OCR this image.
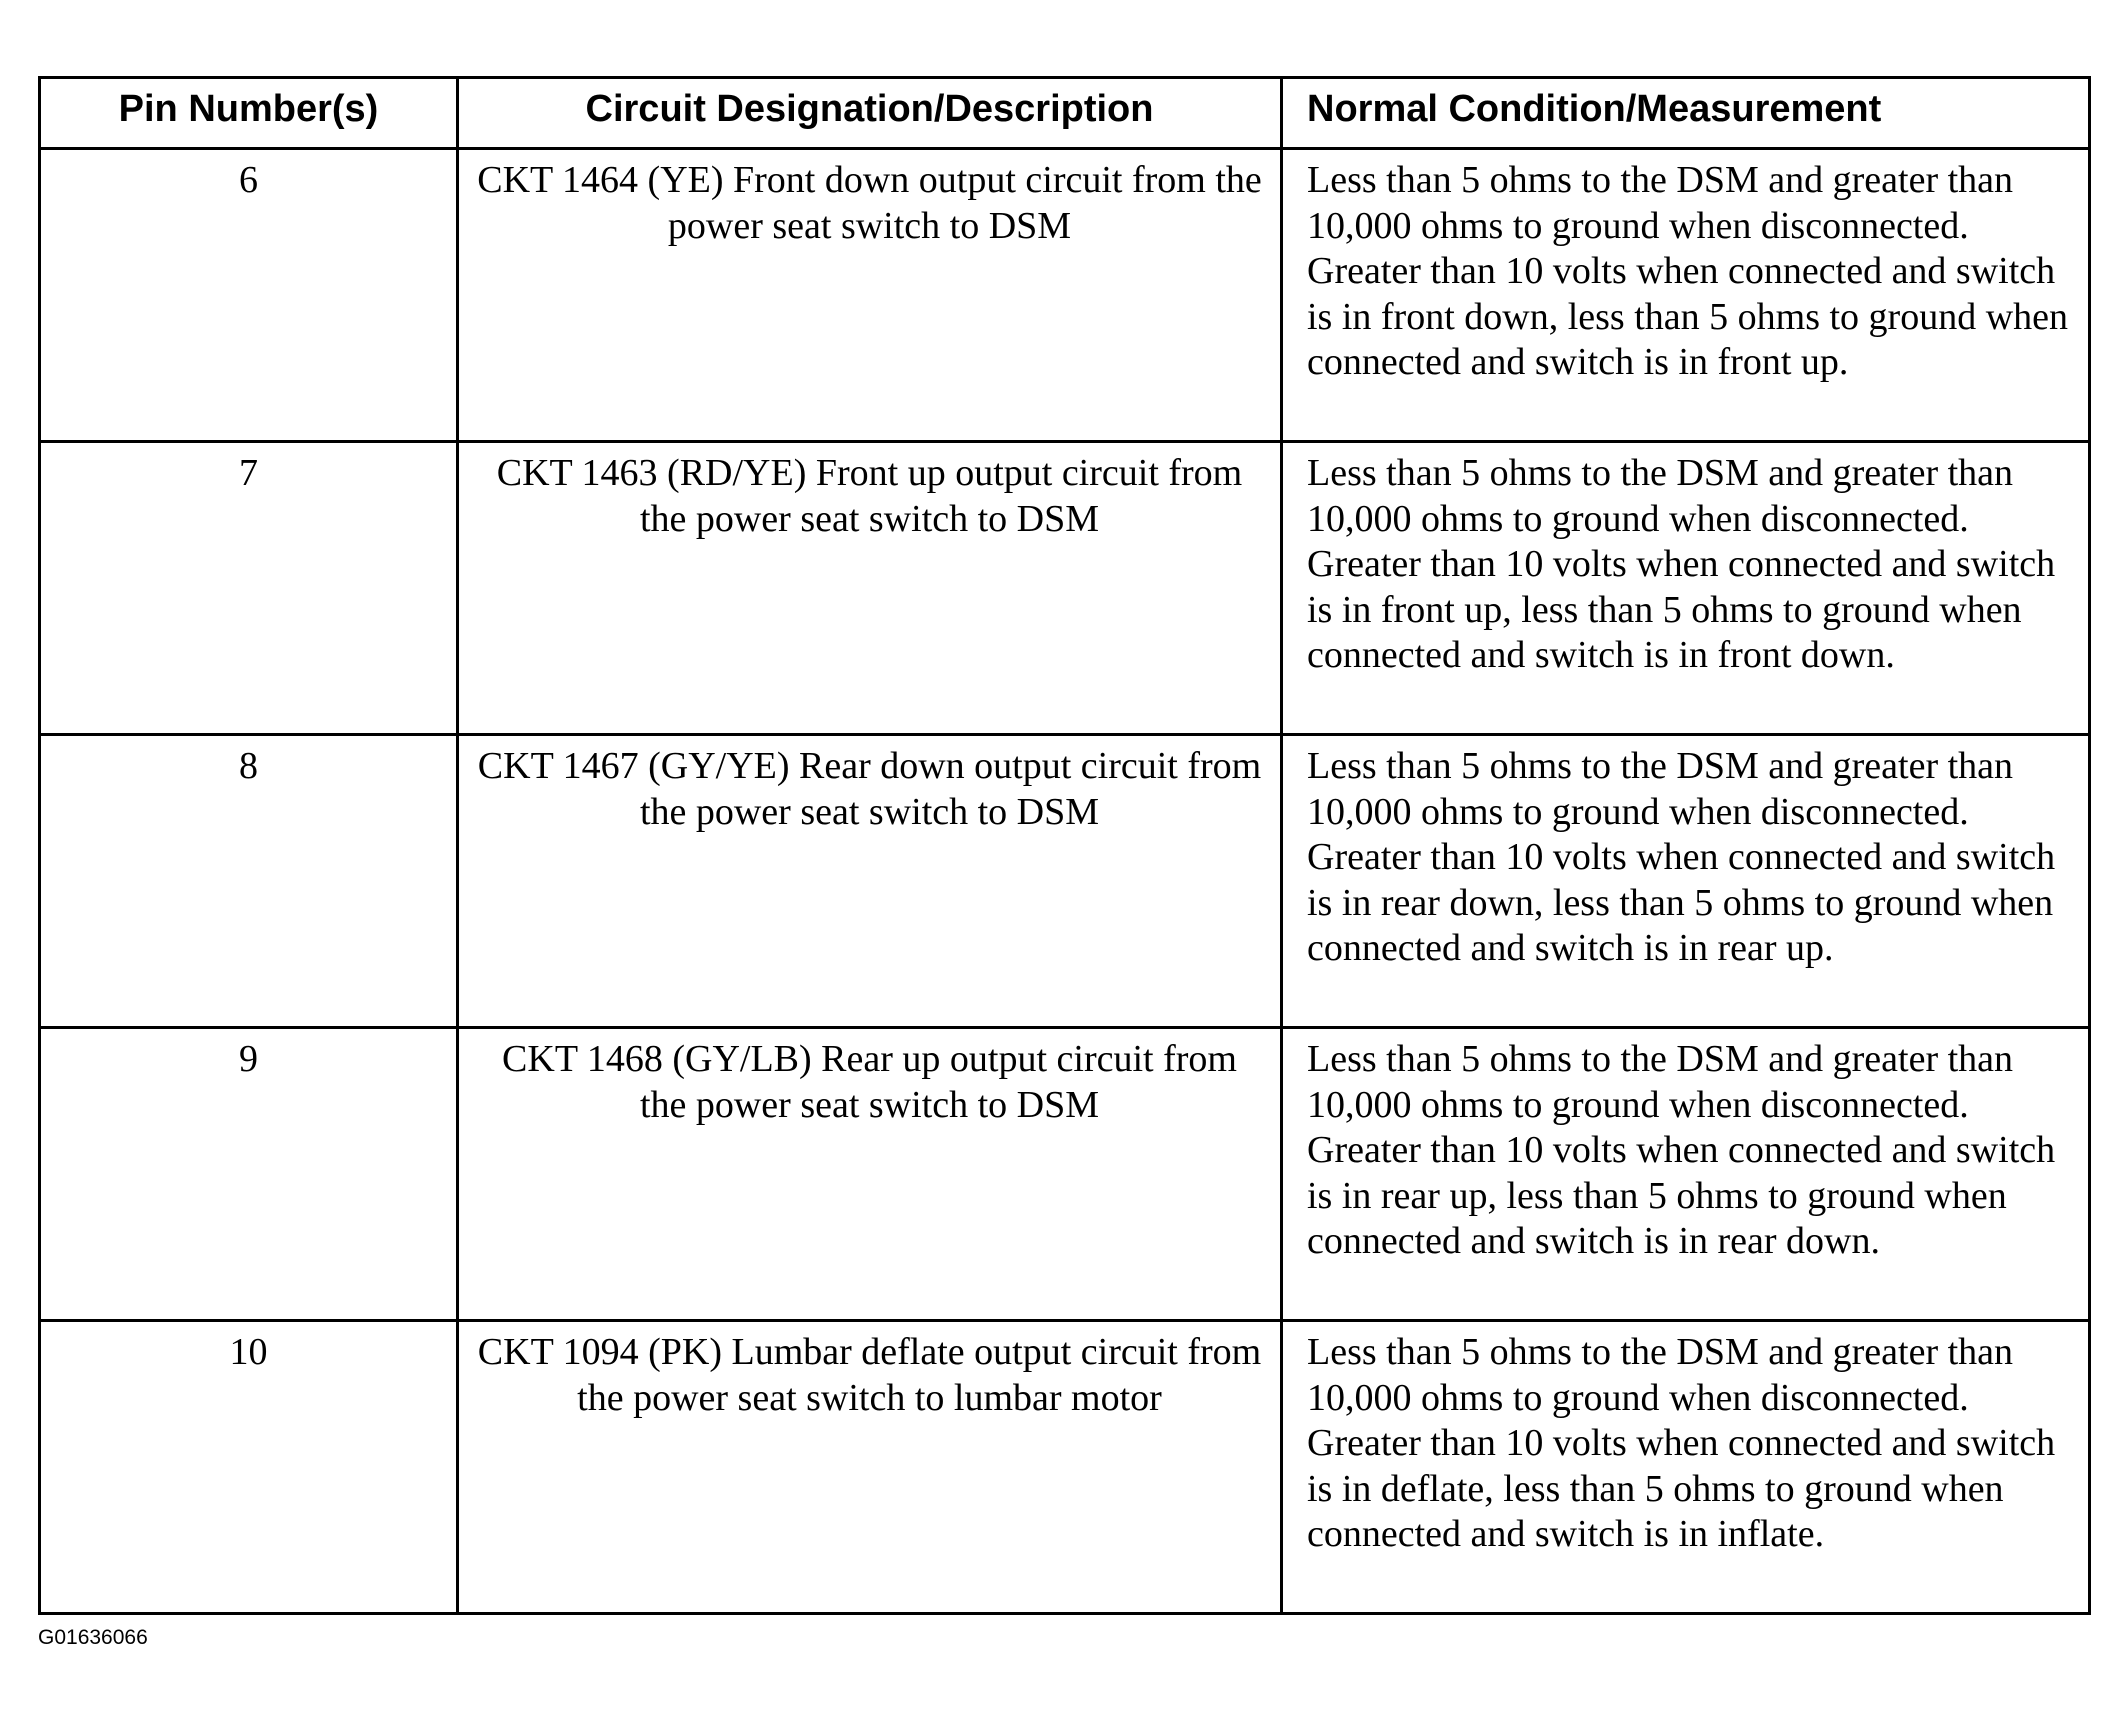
Pin Number(s)	Circuit Designation/Description	Normal Condition/Measurement
6	CKT 1464 (YE) Front down output circuit from the power seat switch to DSM	Less than 5 ohms to the DSM and greater than 10,000 ohms to ground when disconnected. Greater than 10 volts when connected and switch is in front down, less than 5 ohms to ground when connected and switch is in front up.
7	CKT 1463 (RD/YE) Front up output circuit from the power seat switch to DSM	Less than 5 ohms to the DSM and greater than 10,000 ohms to ground when disconnected. Greater than 10 volts when connected and switch is in front up, less than 5 ohms to ground when connected and switch is in front down.
8	CKT 1467 (GY/YE) Rear down output circuit from the power seat switch to DSM	Less than 5 ohms to the DSM and greater than 10,000 ohms to ground when disconnected. Greater than 10 volts when connected and switch is in rear down, less than 5 ohms to ground when connected and switch is in rear up.
9	CKT 1468 (GY/LB) Rear up output circuit from the power seat switch to DSM	Less than 5 ohms to the DSM and greater than 10,000 ohms to ground when disconnected. Greater than 10 volts when connected and switch is in rear up, less than 5 ohms to ground when connected and switch is in rear down.
10	CKT 1094 (PK) Lumbar deflate output circuit from the power seat switch to lumbar motor	Less than 5 ohms to the DSM and greater than 10,000 ohms to ground when disconnected. Greater than 10 volts when connected and switch is in deflate, less than 5 ohms to ground when connected and switch is in inflate.
G01636066
